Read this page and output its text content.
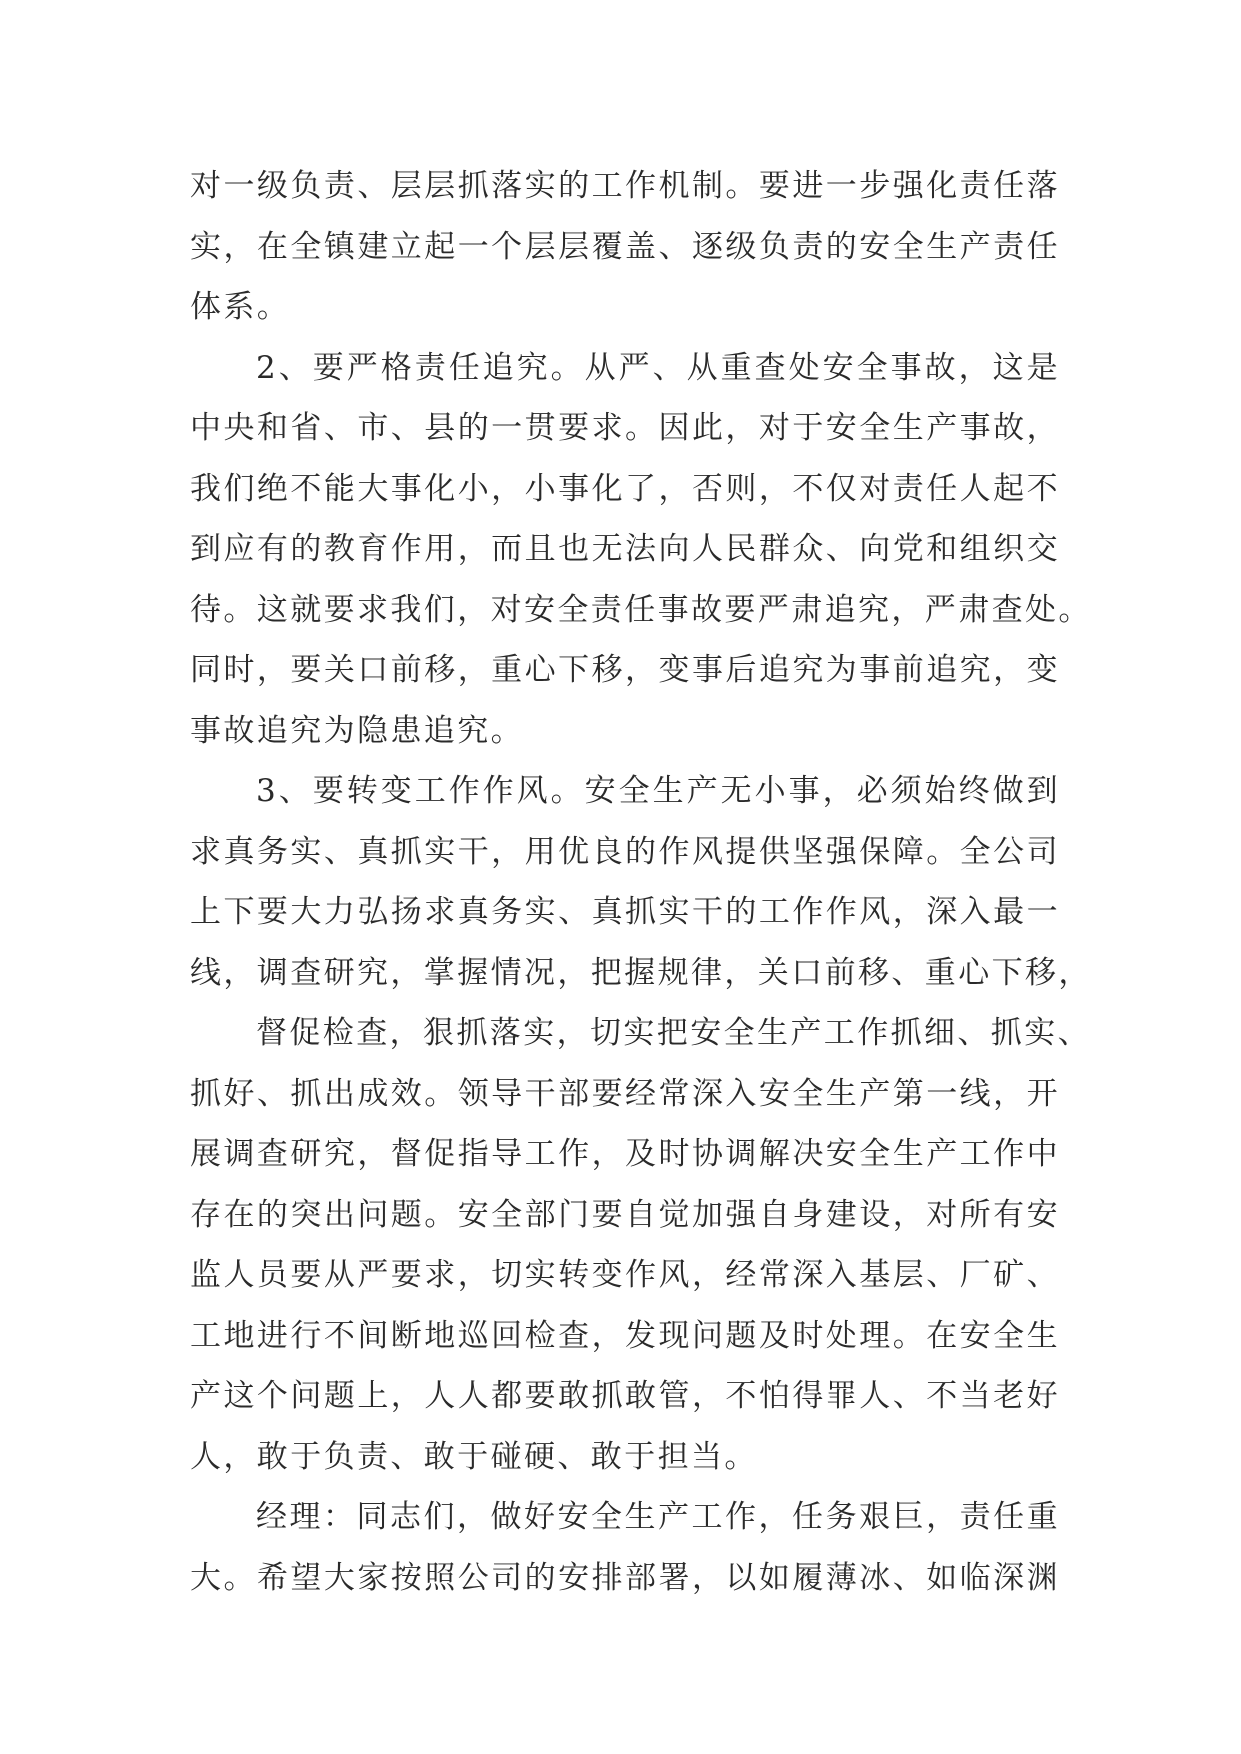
对一级负责、层层抓落实的工作机制。要进一步强化责任落
实，在全镇建立起一个层层覆盖、逐级负责的安全生产责任
体系。
2、要严格责任追究。从严、从重查处安全事故，这是
中央和省、市、县的一贯要求。因此，对于安全生产事故，
我们绝不能大事化小，小事化了，否则，不仅对责任人起不
到应有的教育作用，而且也无法向人民群众、向党和组织交
待。这就要求我们，对安全责任事故要严肃追究，严肃查处。
同时，要关口前移，重心下移，变事后追究为事前追究，变
事故追究为隐患追究。
3、要转变工作作风。安全生产无小事，必须始终做到
求真务实、真抓实干，用优良的作风提供坚强保障。全公司
上下要大力弘扬求真务实、真抓实干的工作作风，深入最一
线，调查研究，掌握情况，把握规律，关口前移、重心下移，
督促检查，狠抓落实，切实把安全生产工作抓细、抓实、
抓好、抓出成效。领导干部要经常深入安全生产第一线，开
展调查研究，督促指导工作，及时协调解决安全生产工作中
存在的突出问题。安全部门要自觉加强自身建设，对所有安
监人员要从严要求，切实转变作风，经常深入基层、厂矿、
工地进行不间断地巡回检查，发现问题及时处理。在安全生
产这个问题上，人人都要敢抓敢管，不怕得罪人、不当老好
人，敢于负责、敢于碰硬、敢于担当。
经理：同志们，做好安全生产工作，任务艰巨，责任重
大。希望大家按照公司的安排部署，以如履薄冰、如临深渊
